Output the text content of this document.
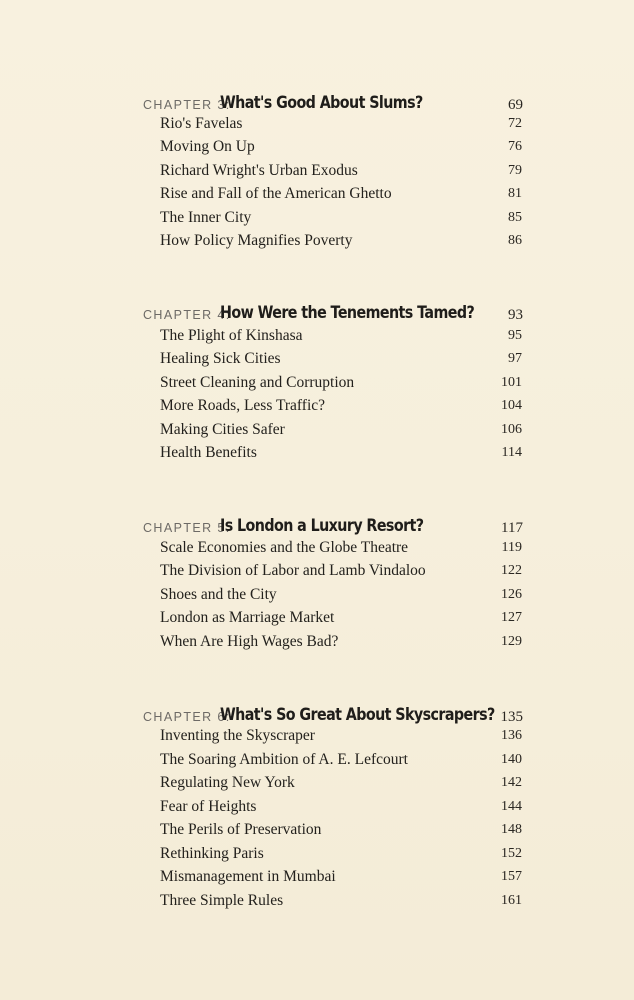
CHAPTER 3:
What's Good About Slums?	69
Rio's Favelas	72
Moving On Up	76
Richard Wright's Urban Exodus	79
Rise and Fall of the American Ghetto	81
The Inner City	85
How Policy Magnifies Poverty	86
CHAPTER 4:
How Were the Tenements Tamed? 93
The Plight of Kinshasa	95
Healing Sick Cities	97
Street Cleaning and Corruption	101
More Roads, Less Traffic?	104
Making Cities Safer	106
Health Benefits	114
CHAPTER 5:
Is London a Luxury Resort?	117
Scale Economies and the Globe Theatre	119
The Division of Labor and Lamb Vindaloo	122
Shoes and the City	126
London as Marriage Market	127
When Are High Wages Bad?	129
CHAPTER 6:
What's So Great About Skyscrapers? 135
Inventing the Skyscraper	136
The Soaring Ambition of A. E. Lefcourt	140
Regulating New York	142
Fear of Heights	144
The Perils of Preservation	148
Rethinking Paris	152
Mismanagement in Mumbai	157
Three Simple Rules	161
